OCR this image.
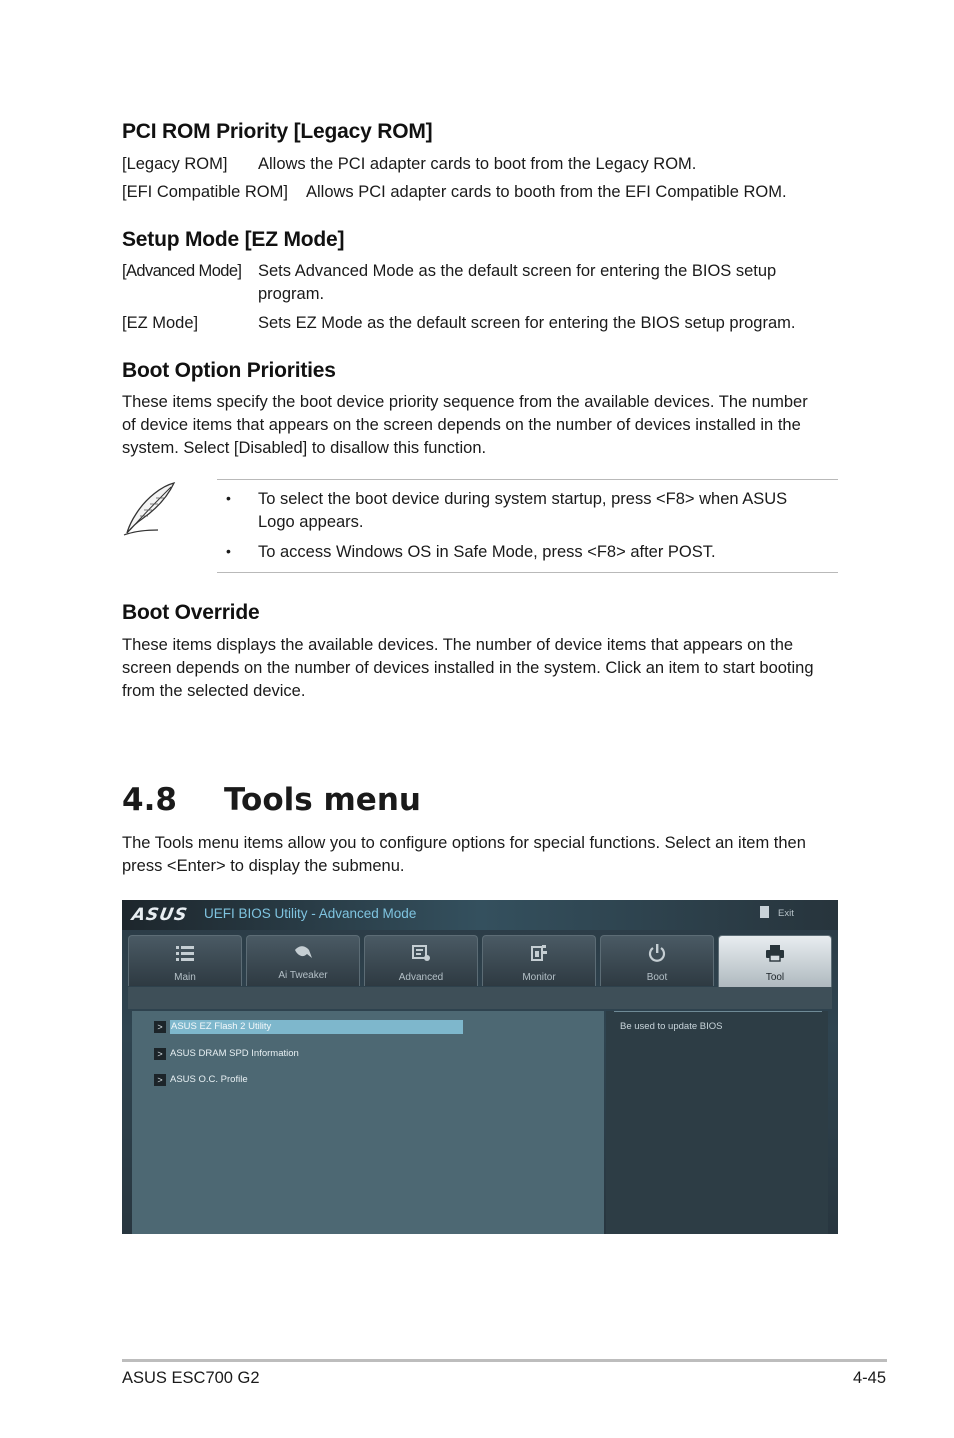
PCI ROM Priority [Legacy ROM]
[Legacy ROM] Allows the PCI adapter cards to boot from the Legacy ROM.
[EFI Compatible ROM] Allows PCI adapter cards to booth from the EFI Compatible ROM.
Setup Mode [EZ Mode]
[Advanced Mode] Sets Advanced Mode as the default screen for entering the BIOS setup
program.
[EZ Mode]	Sets EZ Mode as the default screen for entering the BIOS setup program.
Boot Option Priorities

These items specify the boot device priority sequence from the available devices. The number of device items that appears on the screen depends on the number of devices installed in the system. Select [Disabled] to disallow this function.

• To select the boot device during system startup, press <F8> when ASUS Logo appears.
• To access Windows OS in Safe Mode, press <F8> after POST.
Boot Override

These items displays the available devices. The number of device items that appears on the screen depends on the number of devices installed in the system. Click an item to start booting from the selected device.

4.8 Tools menu

The Tools menu items allow you to configure options for special functions. Select an item then press <Enter> to display the submenu.

ASUS UEFI BIOS Utility - Advanced Mode	Exit
Main	Ai Tweaker	Advanced	Monitor	Boot	Tool
> ASUS EZ Flash 2 Utility
> ASUS DRAM SPD Information
> ASUS O.C. Profile
Be used to update BIOS
ASUS ESC700 G2	4-45
